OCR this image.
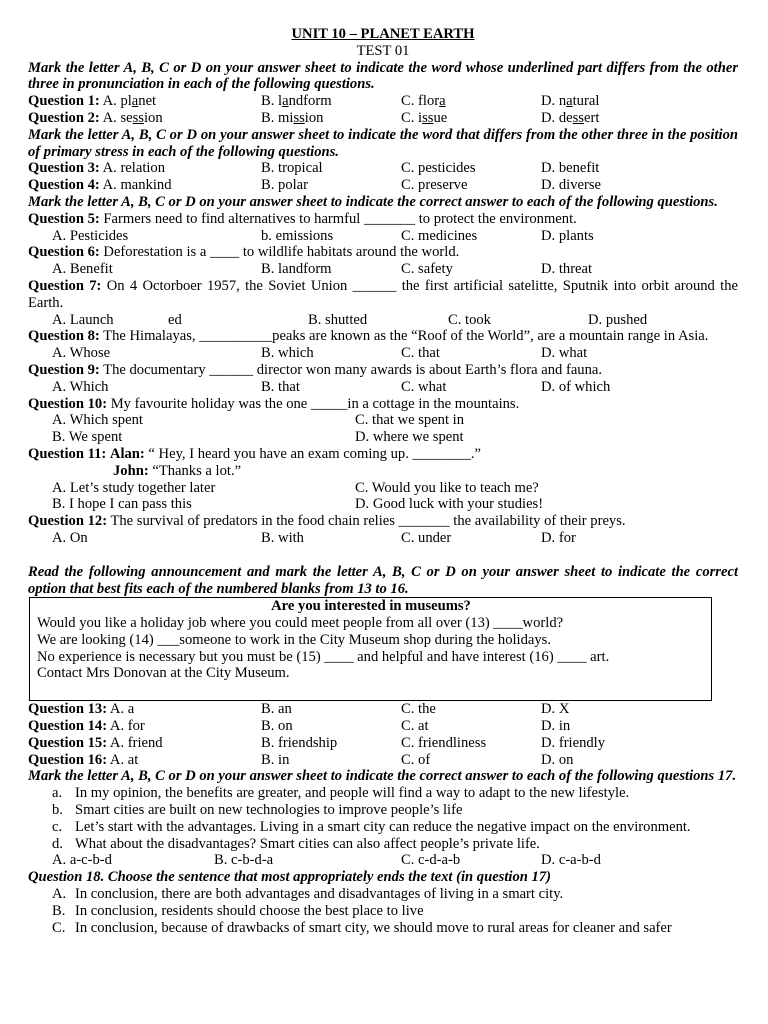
UNIT 10 – PLANET EARTH
TEST 01
Mark the letter A, B, C or D on your answer sheet to indicate the word whose underlined part differs from the other three in pronunciation in each of the following questions.
Question 1: A. planet	B. landform	C. flora	D. natural
Question 2: A. session	B. mission	C. issue	D. dessert
Mark the letter A, B, C or D on your answer sheet to indicate the word that differs from the other three in the position of primary stress in each of the following questions.
Question 3: A. relation	B. tropical	C. pesticides	D. benefit
Question 4: A. mankind	B. polar	C. preserve	D. diverse
Mark the letter A, B, C or D on your answer sheet to indicate the correct answer to each of the following questions.
Question 5: Farmers need to find alternatives to harmful _______ to protect the environment.
A. Pesticides	b. emissions	C. medicines	D. plants
Question 6: Deforestation is a ____ to wildlife habitats around the world.
A. Benefit	B. landform	C. safety	D. threat
Question 7: On 4 Octorboer 1957, the Soviet Union ______ the first artificial satelitte, Sputnik into orbit around the Earth.
A. Launch	ed	B. shutted	C. took	D. pushed
Question 8: The Himalayas, __________peaks are known as the “Roof of the World”, are a mountain range in Asia.
A. Whose	B. which	C. that	D. what
Question 9: The documentary ______ director won many awards is about Earth’s flora and fauna.
A. Which	B. that	C. what	D. of which
Question 10: My favourite holiday was the one _____in a cottage in the mountains.
A. Which spent	C. that we spent in
B. We spent	D. where we spent
Question 11: Alan: “ Hey, I heard you have an exam coming up. ________.”
John: “Thanks a lot.”
A. Let’s study together later	C. Would you like to teach me?
B. I hope I can pass this	D. Good luck with your studies!
Question 12: The survival of predators in the food chain relies _______ the availability of their preys.
A. On	B. with	C. under	D. for
Read the following announcement and mark the letter A, B, C or D on your answer sheet to indicate the correct option that best fits each of the numbered blanks from 13 to 16.
Are you interested in museums?
Would you like a holiday job where you could meet people from all over (13) ____world?
We are looking (14) ___someone to work in the City Museum shop during the holidays.
No experience is necessary but you must be (15) ____ and helpful and have interest (16) ____ art.
Contact Mrs Donovan at the City Museum.
Question 13: A. a	B. an	C. the	D. X
Question 14: A. for	B. on	C. at	D. in
Question 15: A. friend	B. friendship	C. friendliness	D. friendly
Question 16: A. at	B. in	C. of	D. on
Mark the letter A, B, C or D on your answer sheet to indicate the correct answer to each of the following questions 17.
a. In my opinion, the benefits are greater, and people will find a way to adapt to the new lifestyle.
b. Smart cities are built on new technologies to improve people’s life
c. Let’s start with the advantages. Living in a smart city can reduce the negative impact on the environment.
d. What about the disadvantages? Smart cities can also affect people’s private life.
A. a-c-b-d	B. c-b-d-a	C. c-d-a-b	D. c-a-b-d
Question 18. Choose the sentence that most appropriately ends the text (in question 17)
A. In conclusion, there are both advantages and disadvantages of living in a smart city.
B. In conclusion, residents should choose the best place to live
C. In conclusion, because of drawbacks of smart city, we should move to rural areas for cleaner and safer
